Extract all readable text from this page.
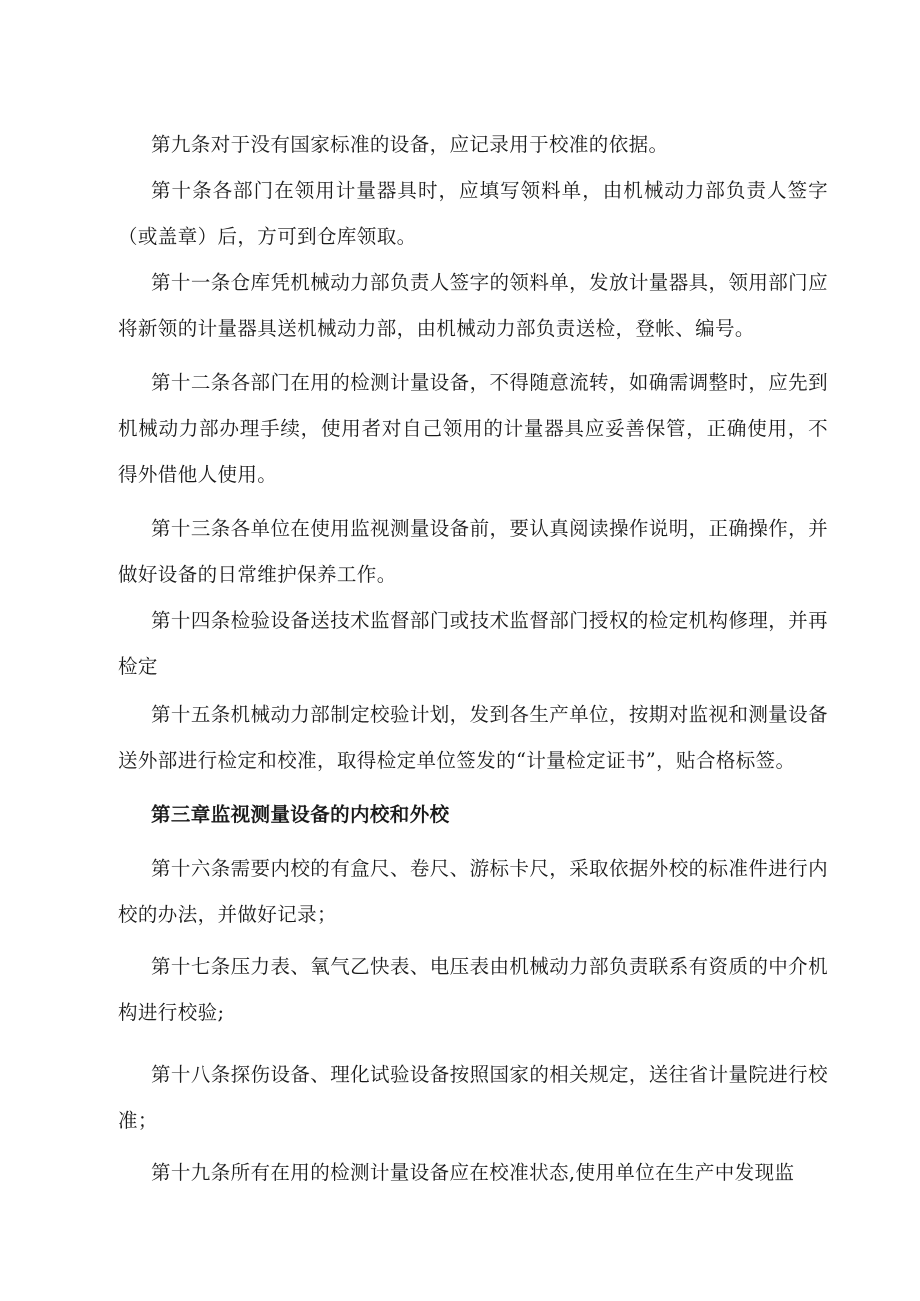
第九条对于没有国家标准的设备，应记录用于校准的依据。

第十条各部门在领用计量器具时，应填写领料单，由机械动力部负责人签字（或盖章）后，方可到仓库领取。

第十一条仓库凭机械动力部负责人签字的领料单，发放计量器具，领用部门应将新领的计量器具送机械动力部，由机械动力部负责送检，登帐、编号。

第十二条各部门在用的检测计量设备，不得随意流转，如确需调整时，应先到机械动力部办理手续，使用者对自己领用的计量器具应妥善保管，正确使用，不得外借他人使用。

第十三条各单位在使用监视测量设备前，要认真阅读操作说明，正确操作，并做好设备的日常维护保养工作。

第十四条检验设备送技术监督部门或技术监督部门授权的检定机构修理，并再检定

第十五条机械动力部制定校验计划，发到各生产单位，按期对监视和测量设备送外部进行检定和校准，取得检定单位签发的“计量检定证书”，贴合格标签。

第三章监视测量设备的内校和外校

第十六条需要内校的有盒尺、卷尺、游标卡尺，采取依据外校的标准件进行内校的办法，并做好记录；

第十七条压力表、氧气乙快表、电压表由机械动力部负责联系有资质的中介机构进行校验;

第十八条探伤设备、理化试验设备按照国家的相关规定，送往省计量院进行校准；

第十九条所有在用的检测计量设备应在校准状态,使用单位在生产中发现监
